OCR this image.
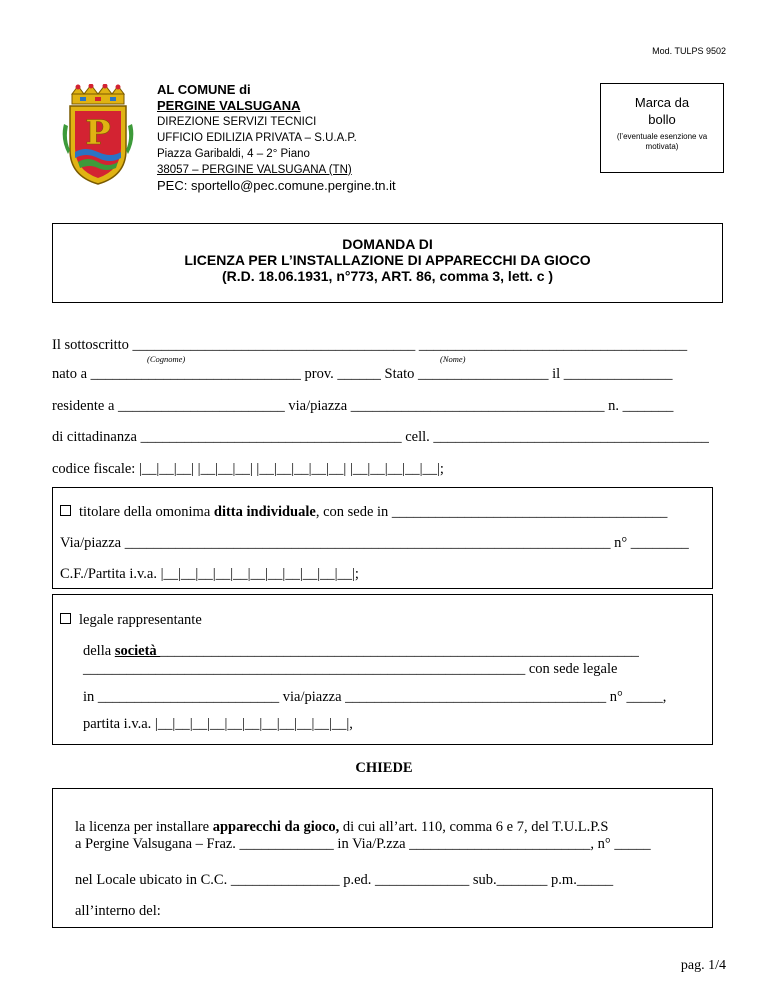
Mod. TULPS 9502
P
AL COMUNE di
PERGINE VALSUGANA
DIREZIONE SERVIZI TECNICI
UFFICIO EDILIZIA PRIVATA – S.U.A.P.
Piazza Garibaldi, 4 – 2° Piano
38057 – PERGINE VALSUGANA (TN)
PEC: sportello@pec.comune.pergine.tn.it
Marca da
bollo
(l’eventuale esenzione va motivata)
DOMANDA DI
LICENZA PER L’INSTALLAZIONE DI APPARECCHI DA GIOCO
(R.D. 18.06.1931, n°773, ART. 86, comma 3, lett. c )
Il sottoscritto _______________________________________ _____________________________________
(Cognome)	(Nome)
nato a _____________________________ prov. ______ Stato __________________ il _______________
residente a _______________________ via/piazza ___________________________________ n. _______
di cittadinanza ____________________________________ cell. ______________________________________
codice fiscale: |__|__|__| |__|__|__| |__|__|__|__|__| |__|__|__|__|__|;
titolare della omonima ditta individuale, con sede in ______________________________________
Via/piazza ___________________________________________________________________ n° ________
C.F./Partita i.v.a. |__|__|__|__|__|__|__|__|__|__|__|;
legale rappresentante
della società __________________________________________________________________
_____________________________________________________________ con sede legale
in _________________________ via/piazza ____________________________________ n° _____,
partita i.v.a. |__|__|__|__|__|__|__|__|__|__|__|,
CHIEDE
la licenza per installare apparecchi da gioco, di cui all’art. 110, comma 6 e 7, del T.U.L.P.S
a Pergine Valsugana – Fraz. _____________ in Via/P.zza _________________________, n° _____
nel Locale ubicato in C.C. _______________ p.ed. _____________ sub._______ p.m._____
all’interno del:
pag. 1/4
